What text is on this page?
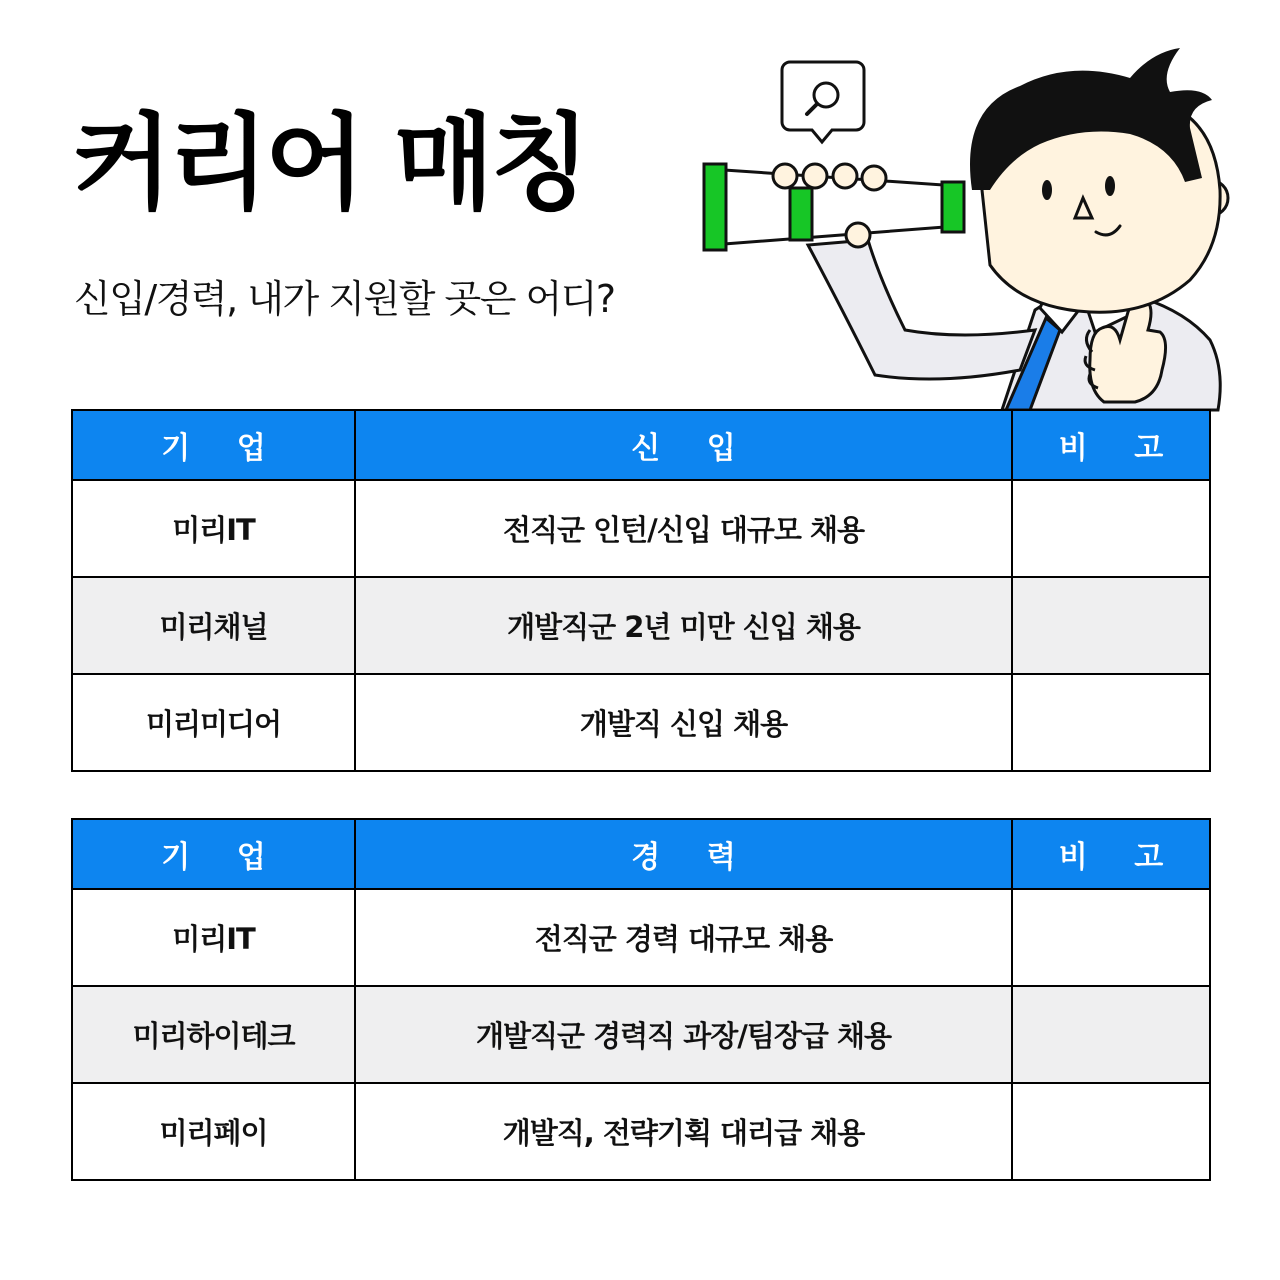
커리어 매칭

신입/경력, 내가 지원할 곳은 어디?

기 업	신 입	비 고
미리IT	전직군 인턴/신입 대규모 채용	
미리채널	개발직군 2년 미만 신입 채용	
미리미디어	개발직 신입 채용	
기 업	경 력	비 고
미리IT	전직군 경력 대규모 채용	
미리하이테크	개발직군 경력직 과장/팀장급 채용	
미리페이	개발직, 전략기획 대리급 채용	
